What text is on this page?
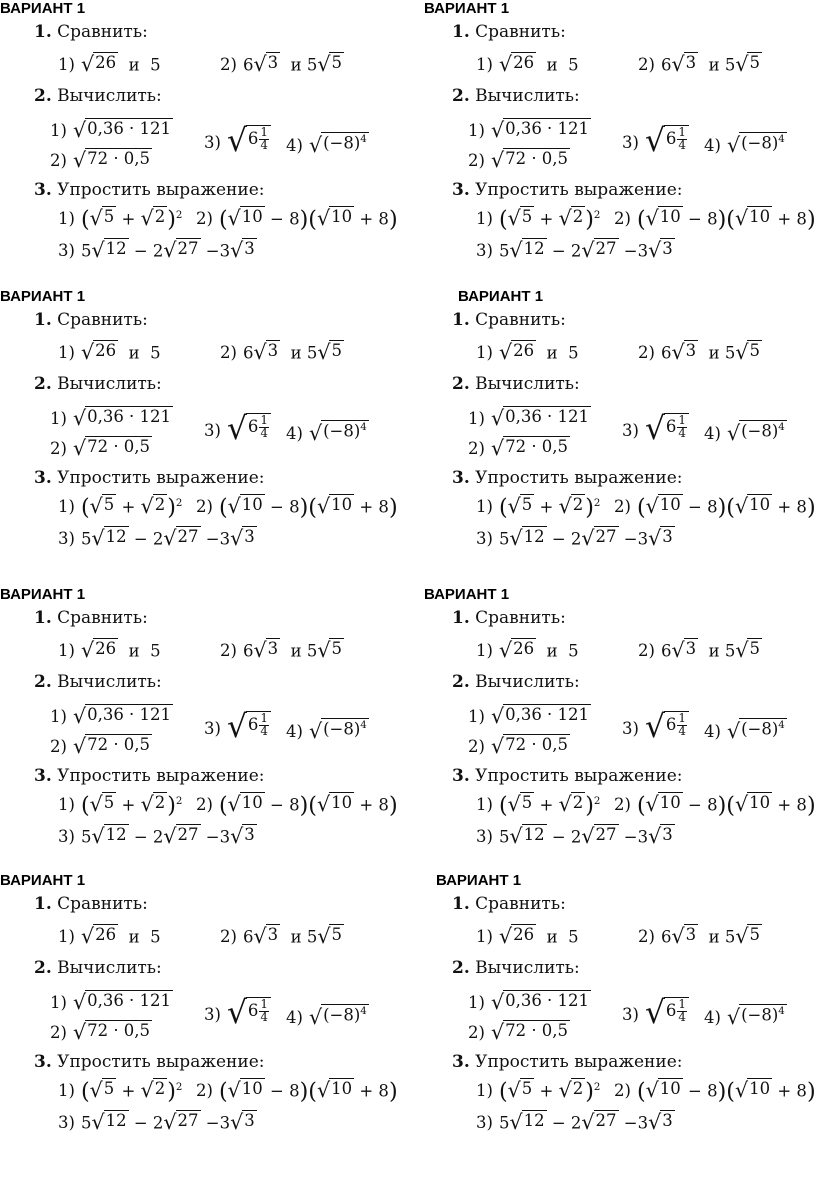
ВАРИАНТ 1
1. Сравнить:
1) √ 26 и 5	2) 6 √ 3 и 5 √ 5
2. Вычислить:
1) √ 0,36 · 121
2) √ 72 · 0,5
3) √ $6 \frac{1}{4} 4$) √ $(-8)^4$
3. Упростить выражение:
1) ( √ 5 + √ 2 )$^2$ 2) ( √ 10 − 8)( √ 10 + 8)
3) 5 √ 12 − 2 √ 27 −3 √ 3
ВАРИАНТ 1
1. Сравнить:
1) √ 26 и 5	2) 6 √ 3 и 5 √ 5
2. Вычислить:
1) √ 0,36 · 121
2) √ 72 · 0,5
3) √ $6 \frac{1}{4} 4$) √ $(-8)^4$
3. Упростить выражение:
1) ( √ 5 + √ 2 )$^2$ 2) ( √ 10 − 8)( √ 10 + 8)
3) 5 √ 12 − 2 √ 27 −3 √ 3
ВАРИАНТ 1
1. Сравнить:
1) √ 26 и 5	2) 6 √ 3 и 5 √ 5
2. Вычислить:
1) √ 0,36 · 121
2) √ 72 · 0,5
3) √ $6 \frac{1}{4} 4$) √ $(-8)^4$
3. Упростить выражение:
1) ( √ 5 + √ 2 )$^2$ 2) ( √ 10 − 8)( √ 10 + 8)
3) 5 √ 12 − 2 √ 27 −3 √ 3
ВАРИАНТ 1
1. Сравнить:
1) √ 26 и 5	2) 6 √ 3 и 5 √ 5
2. Вычислить:
1) √ 0,36 · 121
2) √ 72 · 0,5
3) √ $6 \frac{1}{4} 4$) √ $(-8)^4$
3. Упростить выражение:
1) ( √ 5 + √ 2 )$^2$ 2) ( √ 10 − 8)( √ 10 + 8)
3) 5 √ 12 − 2 √ 27 −3 √ 3
ВАРИАНТ 1
1. Сравнить:
1) √ 26 и 5	2) 6 √ 3 и 5 √ 5
2. Вычислить:
1) √ 0,36 · 121
2) √ 72 · 0,5
3) √ $6 \frac{1}{4} 4$) √ $(-8)^4$
3. Упростить выражение:
1) ( √ 5 + √ 2 )$^2$ 2) ( √ 10 − 8)( √ 10 + 8)
3) 5 √ 12 − 2 √ 27 −3 √ 3
ВАРИАНТ 1
1. Сравнить:
1) √ 26 и 5	2) 6 √ 3 и 5 √ 5
2. Вычислить:
1) √ 0,36 · 121
2) √ 72 · 0,5
3) √ $6 \frac{1}{4} 4$) √ $(-8)^4$
3. Упростить выражение:
1) ( √ 5 + √ 2 )$^2$ 2) ( √ 10 − 8)( √ 10 + 8)
3) 5 √ 12 − 2 √ 27 −3 √ 3
ВАРИАНТ 1
1. Сравнить:
1) √ 26 и 5	2) 6 √ 3 и 5 √ 5
2. Вычислить:
1) √ 0,36 · 121
2) √ 72 · 0,5
3) √ $6 \frac{1}{4} 4$) √ $(-8)^4$
3. Упростить выражение:
1) ( √ 5 + √ 2 )$^2$ 2) ( √ 10 − 8)( √ 10 + 8)
3) 5 √ 12 − 2 √ 27 −3 √ 3
ВАРИАНТ 1
1. Сравнить:
1) √ 26 и 5	2) 6 √ 3 и 5 √ 5
2. Вычислить:
1) √ 0,36 · 121
2) √ 72 · 0,5
3) √ $6 \frac{1}{4} 4$) √ $(-8)^4$
3. Упростить выражение:
1) ( √ 5 + √ 2 )$^2$ 2) ( √ 10 − 8)( √ 10 + 8)
3) 5 √ 12 − 2 √ 27 −3 √ 3
